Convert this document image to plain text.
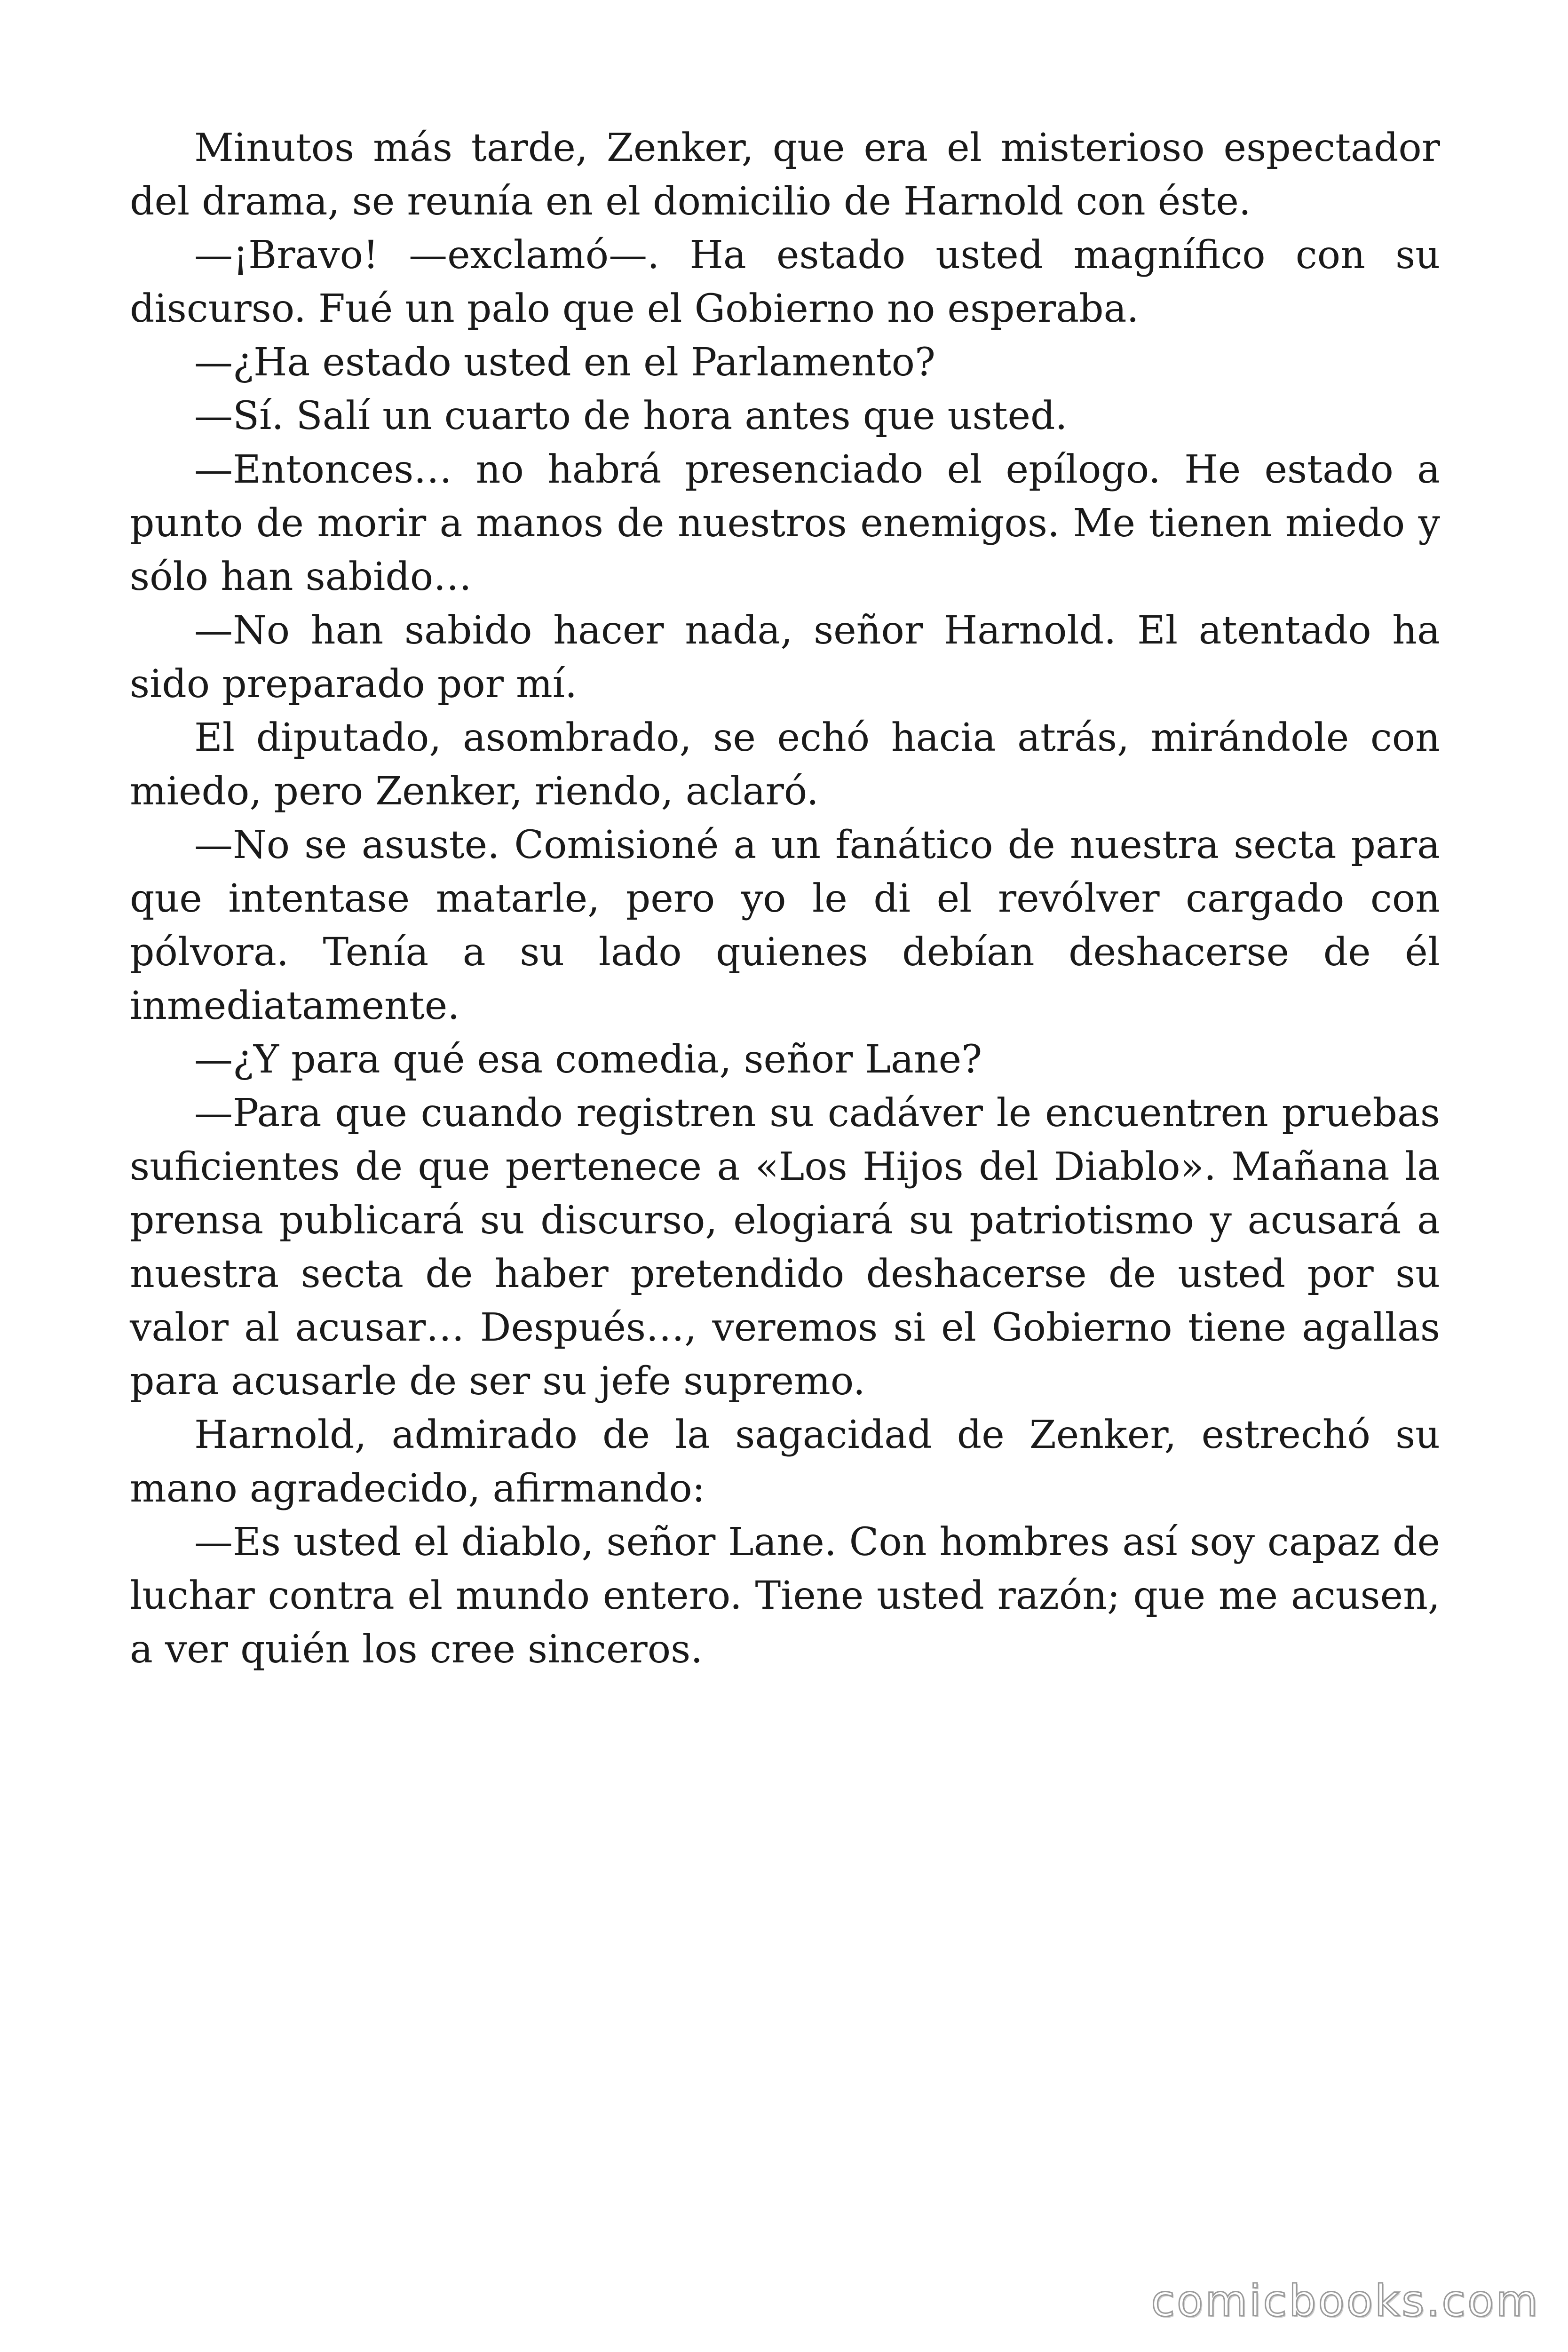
Minutos más tarde, Zenker, que era el misterioso espectador del drama, se reunía en el domicilio de Harnold con éste.

—¡Bravo! —exclamó—. Ha estado usted magnífico con su discurso. Fué un palo que el Gobierno no esperaba.

—¿Ha estado usted en el Parlamento?

—Sí. Salí un cuarto de hora antes que usted.

—Entonces… no habrá presenciado el epílogo. He estado a punto de morir a manos de nuestros enemigos. Me tienen miedo y sólo han sabido…

—No han sabido hacer nada, señor Harnold. El atentado ha sido preparado por mí.

El diputado, asombrado, se echó hacia atrás, mirándole con miedo, pero Zenker, riendo, aclaró.

—No se asuste. Comisioné a un fanático de nuestra secta para que intentase matarle, pero yo le di el revólver cargado con pólvora. Tenía a su lado quienes debían deshacerse de él inmediatamente.

—¿Y para qué esa comedia, señor Lane?

—Para que cuando registren su cadáver le encuentren pruebas suficientes de que pertenece a «Los Hijos del Diablo». Mañana la prensa publicará su discurso, elogiará su patriotismo y acusará a nuestra secta de haber pretendido deshacerse de usted por su valor al acusar… Después…, veremos si el Gobierno tiene agallas para acusarle de ser su jefe supremo.

Harnold, admirado de la sagacidad de Zenker, estrechó su mano agradecido, afirmando:

—Es usted el diablo, señor Lane. Con hombres así soy capaz de luchar contra el mundo entero. Tiene usted razón; que me acusen, a ver quién los cree sinceros.

comicbooks.com
